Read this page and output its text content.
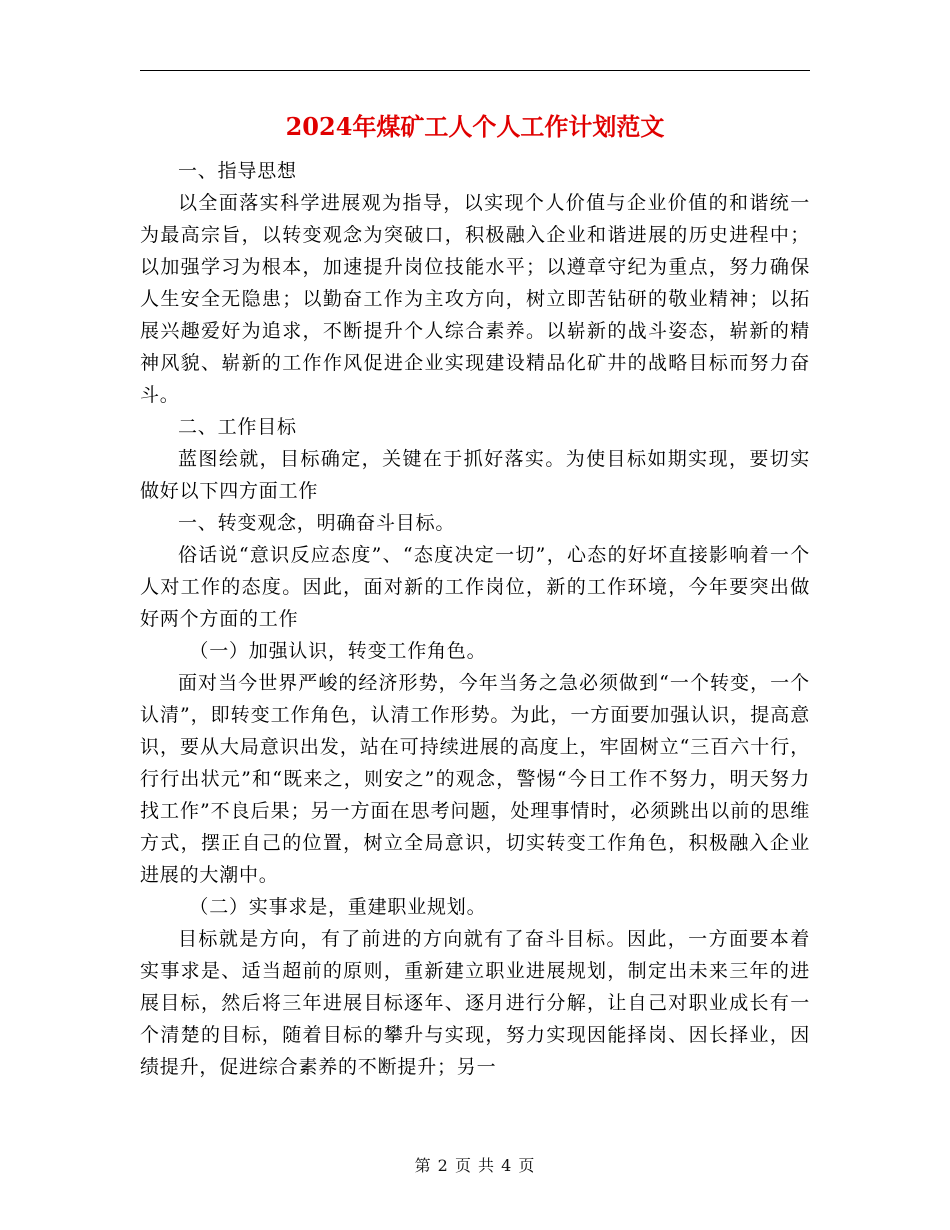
2024年煤矿工人个人工作计划范文

一、指导思想

以全面落实科学进展观为指导，以实现个人价值与企业价值的和谐统一为最高宗旨，以转变观念为突破口，积极融入企业和谐进展的历史进程中；以加强学习为根本，加速提升岗位技能水平；以遵章守纪为重点，努力确保人生安全无隐患；以勤奋工作为主攻方向，树立即苦钻研的敬业精神；以拓展兴趣爱好为追求，不断提升个人综合素养。以崭新的战斗姿态，崭新的精神风貌、崭新的工作作风促进企业实现建设精品化矿井的战略目标而努力奋斗。

二、工作目标

蓝图绘就，目标确定，关键在于抓好落实。为使目标如期实现，要切实做好以下四方面工作

一、转变观念，明确奋斗目标。

俗话说“意识反应态度”、“态度决定一切”，心态的好坏直接影响着一个人对工作的态度。因此，面对新的工作岗位，新的工作环境，今年要突出做好两个方面的工作

（一）加强认识，转变工作角色。

面对当今世界严峻的经济形势，今年当务之急必须做到“一个转变，一个认清”，即转变工作角色，认清工作形势。为此，一方面要加强认识，提高意识，要从大局意识出发，站在可持续进展的高度上，牢固树立“三百六十行，行行出状元”和“既来之，则安之”的观念，警惕“今日工作不努力，明天努力找工作”不良后果；另一方面在思考问题，处理事情时，必须跳出以前的思维方式，摆正自己的位置，树立全局意识，切实转变工作角色，积极融入企业进展的大潮中。

（二）实事求是，重建职业规划。

目标就是方向，有了前进的方向就有了奋斗目标。因此，一方面要本着实事求是、适当超前的原则，重新建立职业进展规划，制定出未来三年的进展目标，然后将三年进展目标逐年、逐月进行分解，让自己对职业成长有一个清楚的目标，随着目标的攀升与实现，努力实现因能择岗、因长择业，因绩提升，促进综合素养的不断提升；另一

第 2 页 共 4 页
